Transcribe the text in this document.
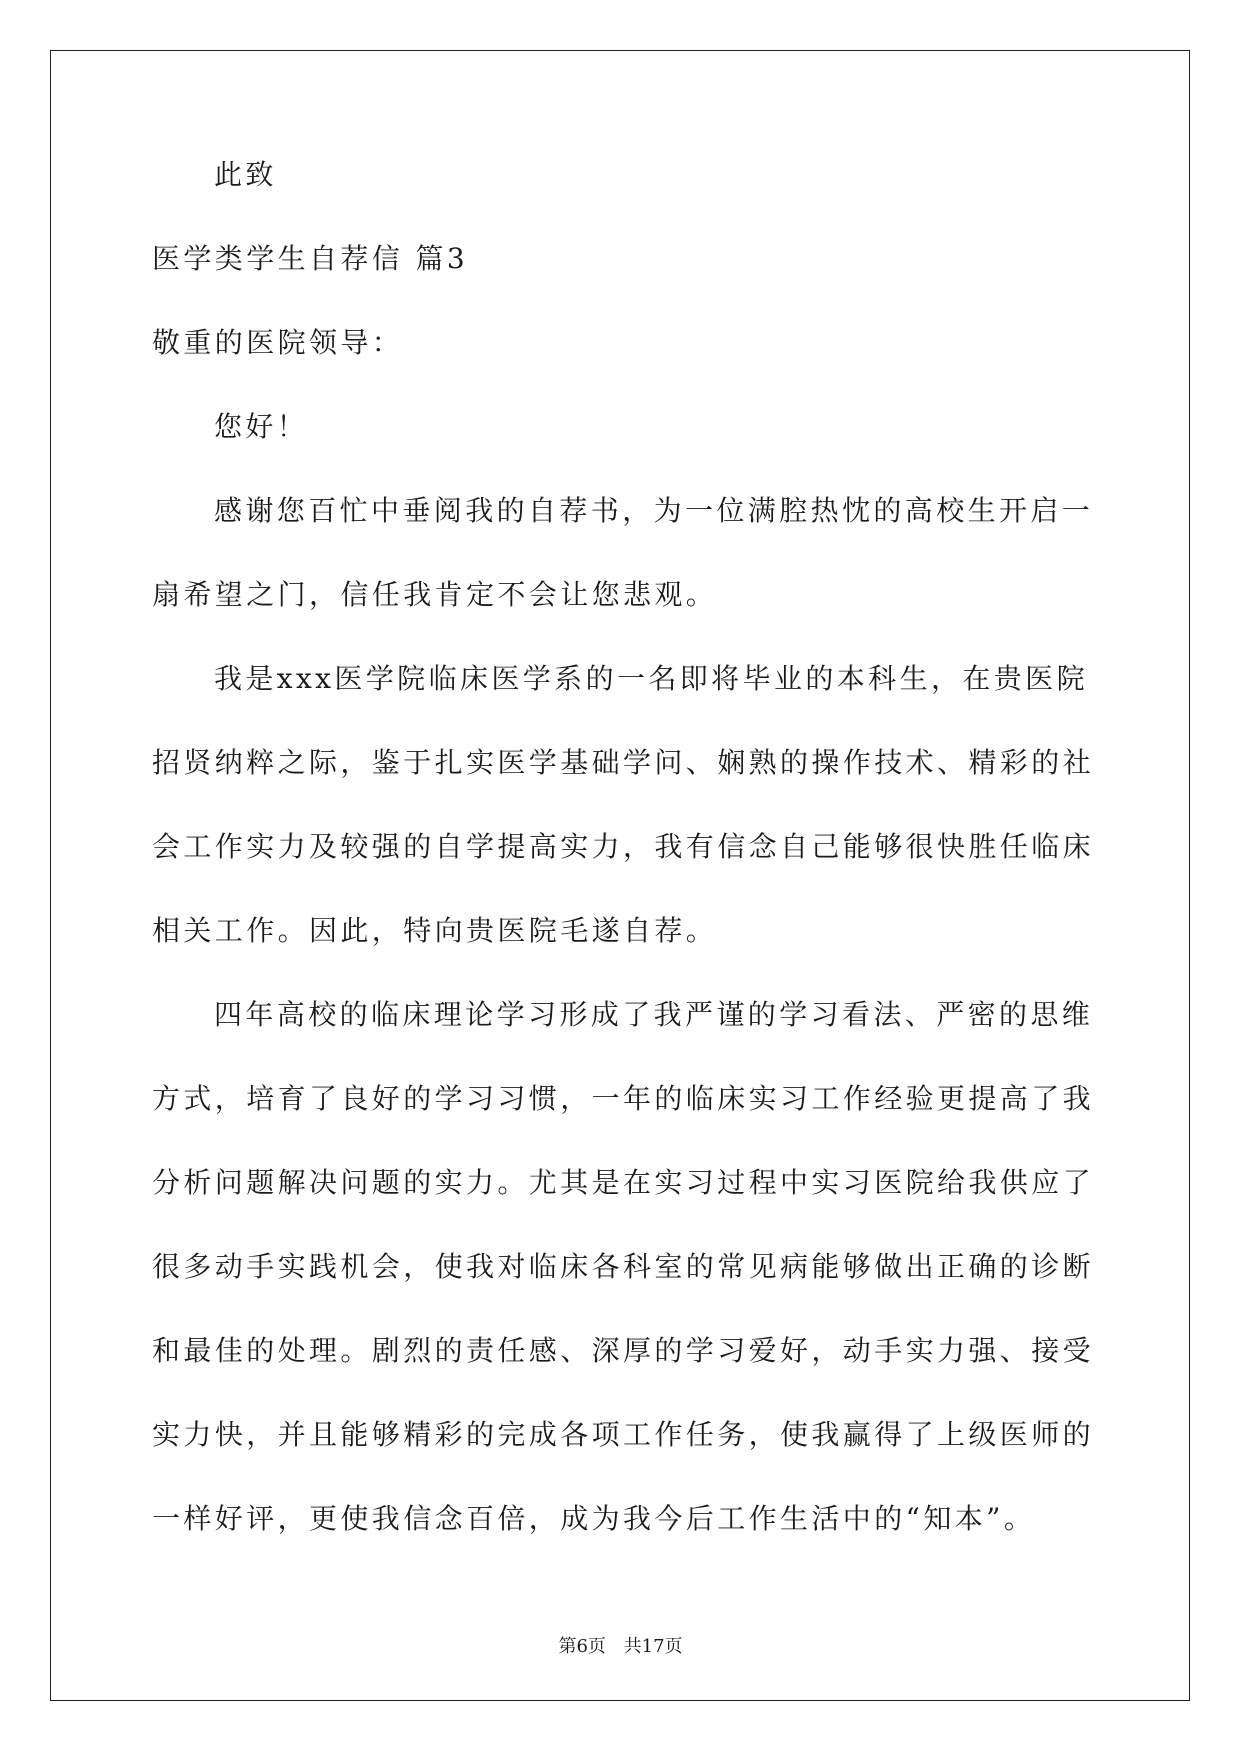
此致
医学类学生自荐信 篇3
敬重的医院领导：
您好！
感谢您百忙中垂阅我的自荐书，为一位满腔热忱的高校生开启一
扇希望之门，信任我肯定不会让您悲观。
我是xxx医学院临床医学系的一名即将毕业的本科生，在贵医院
招贤纳粹之际，鉴于扎实医学基础学问、娴熟的操作技术、精彩的社
会工作实力及较强的自学提高实力，我有信念自己能够很快胜任临床
相关工作。因此，特向贵医院毛遂自荐。
四年高校的临床理论学习形成了我严谨的学习看法、严密的思维
方式，培育了良好的学习习惯，一年的临床实习工作经验更提高了我
分析问题解决问题的实力。尤其是在实习过程中实习医院给我供应了
很多动手实践机会，使我对临床各科室的常见病能够做出正确的诊断
和最佳的处理。剧烈的责任感、深厚的学习爱好，动手实力强、接受
实力快，并且能够精彩的完成各项工作任务，使我赢得了上级医师的
一样好评，更使我信念百倍，成为我今后工作生活中的“知本”。
第6页 共17页
